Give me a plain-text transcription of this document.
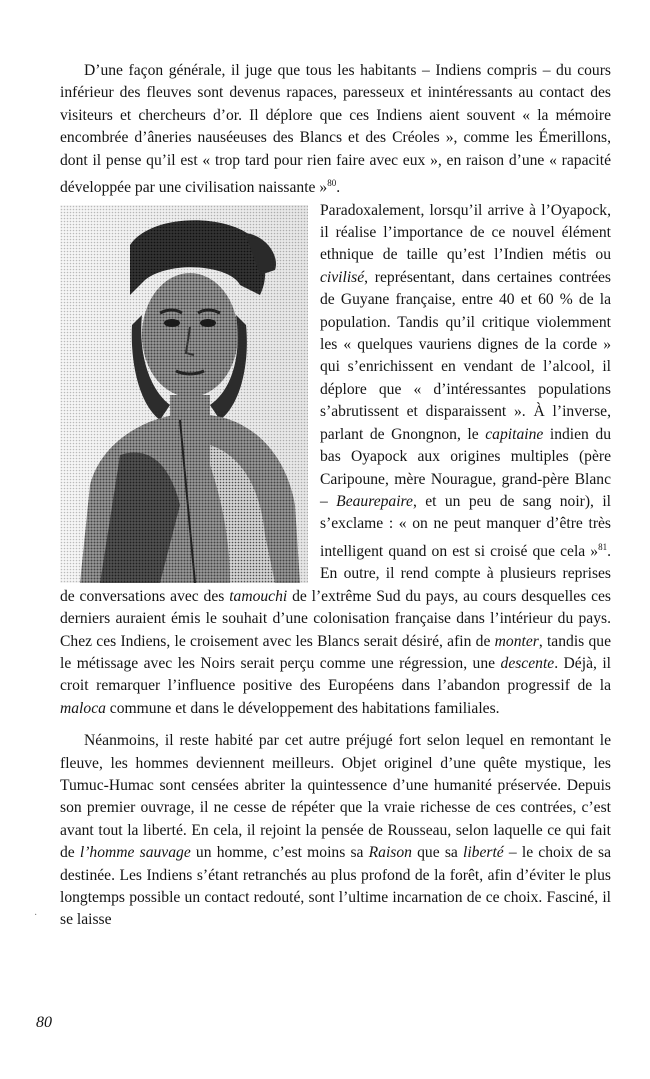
D’une façon générale, il juge que tous les habitants – Indiens compris – du cours inférieur des fleuves sont devenus rapaces, paresseux et inintéressants au contact des visiteurs et chercheurs d’or. Il déplore que ces Indiens aient souvent « la mémoire encombrée d’âneries nauséeuses des Blancs et des Créoles », comme les Émerillons, dont il pense qu’il est « trop tard pour rien faire avec eux », en raison d’une « rapacité développée par une civilisation naissante »$^{80}$.

Paradoxalement, lorsqu’il arrive à l’Oyapock, il réalise l’importance de ce nouvel élément ethnique de taille qu’est l’Indien métis ou civilisé, représentant, dans certaines contrées de Guyane française, entre 40 et 60 % de la population. Tandis qu’il critique violemment les « quelques vauriens dignes de la corde » qui s’enrichissent en vendant de l’alcool, il déplore que « d’intéressantes populations s’abrutissent et disparaissent ». À l’inverse, parlant de Gnongnon, le capitaine indien du bas Oyapock aux origines multiples (père Caripoune, mère Nourague, grand-père Blanc – Beaurepaire, et un peu de sang noir), il s’exclame : « on ne peut manquer d’être très intelligent quand on est si croisé que cela »$^{81}$. En outre, il rend compte à plusieurs reprises de conversations avec des tamouchi de l’extrême Sud du pays, au cours desquelles ces derniers auraient émis le souhait d’une colonisation française dans l’intérieur du pays. Chez ces Indiens, le croisement avec les Blancs serait désiré, afin de monter, tandis que le métissage avec les Noirs serait perçu comme une régression, une descente. Déjà, il croit remarquer l’influence positive des Européens dans l’abandon progressif de la maloca commune et dans le développement des habitations familiales.

Néanmoins, il reste habité par cet autre préjugé fort selon lequel en remontant le fleuve, les hommes deviennent meilleurs. Objet originel d’une quête mystique, les Tumuc-Humac sont censées abriter la quintessence d’une humanité préservée. Depuis son premier ouvrage, il ne cesse de répéter que la vraie richesse de ces contrées, c’est avant tout la liberté. En cela, il rejoint la pensée de Rousseau, selon laquelle ce qui fait de l’homme sauvage un homme, c’est moins sa Raison que sa liberté – le choix de sa destinée. Les Indiens s’étant retranchés au plus profond de la forêt, afin d’éviter le plus longtemps possible un contact redouté, sont l’ultime incarnation de ce choix. Fasciné, il se laisse

·
80
